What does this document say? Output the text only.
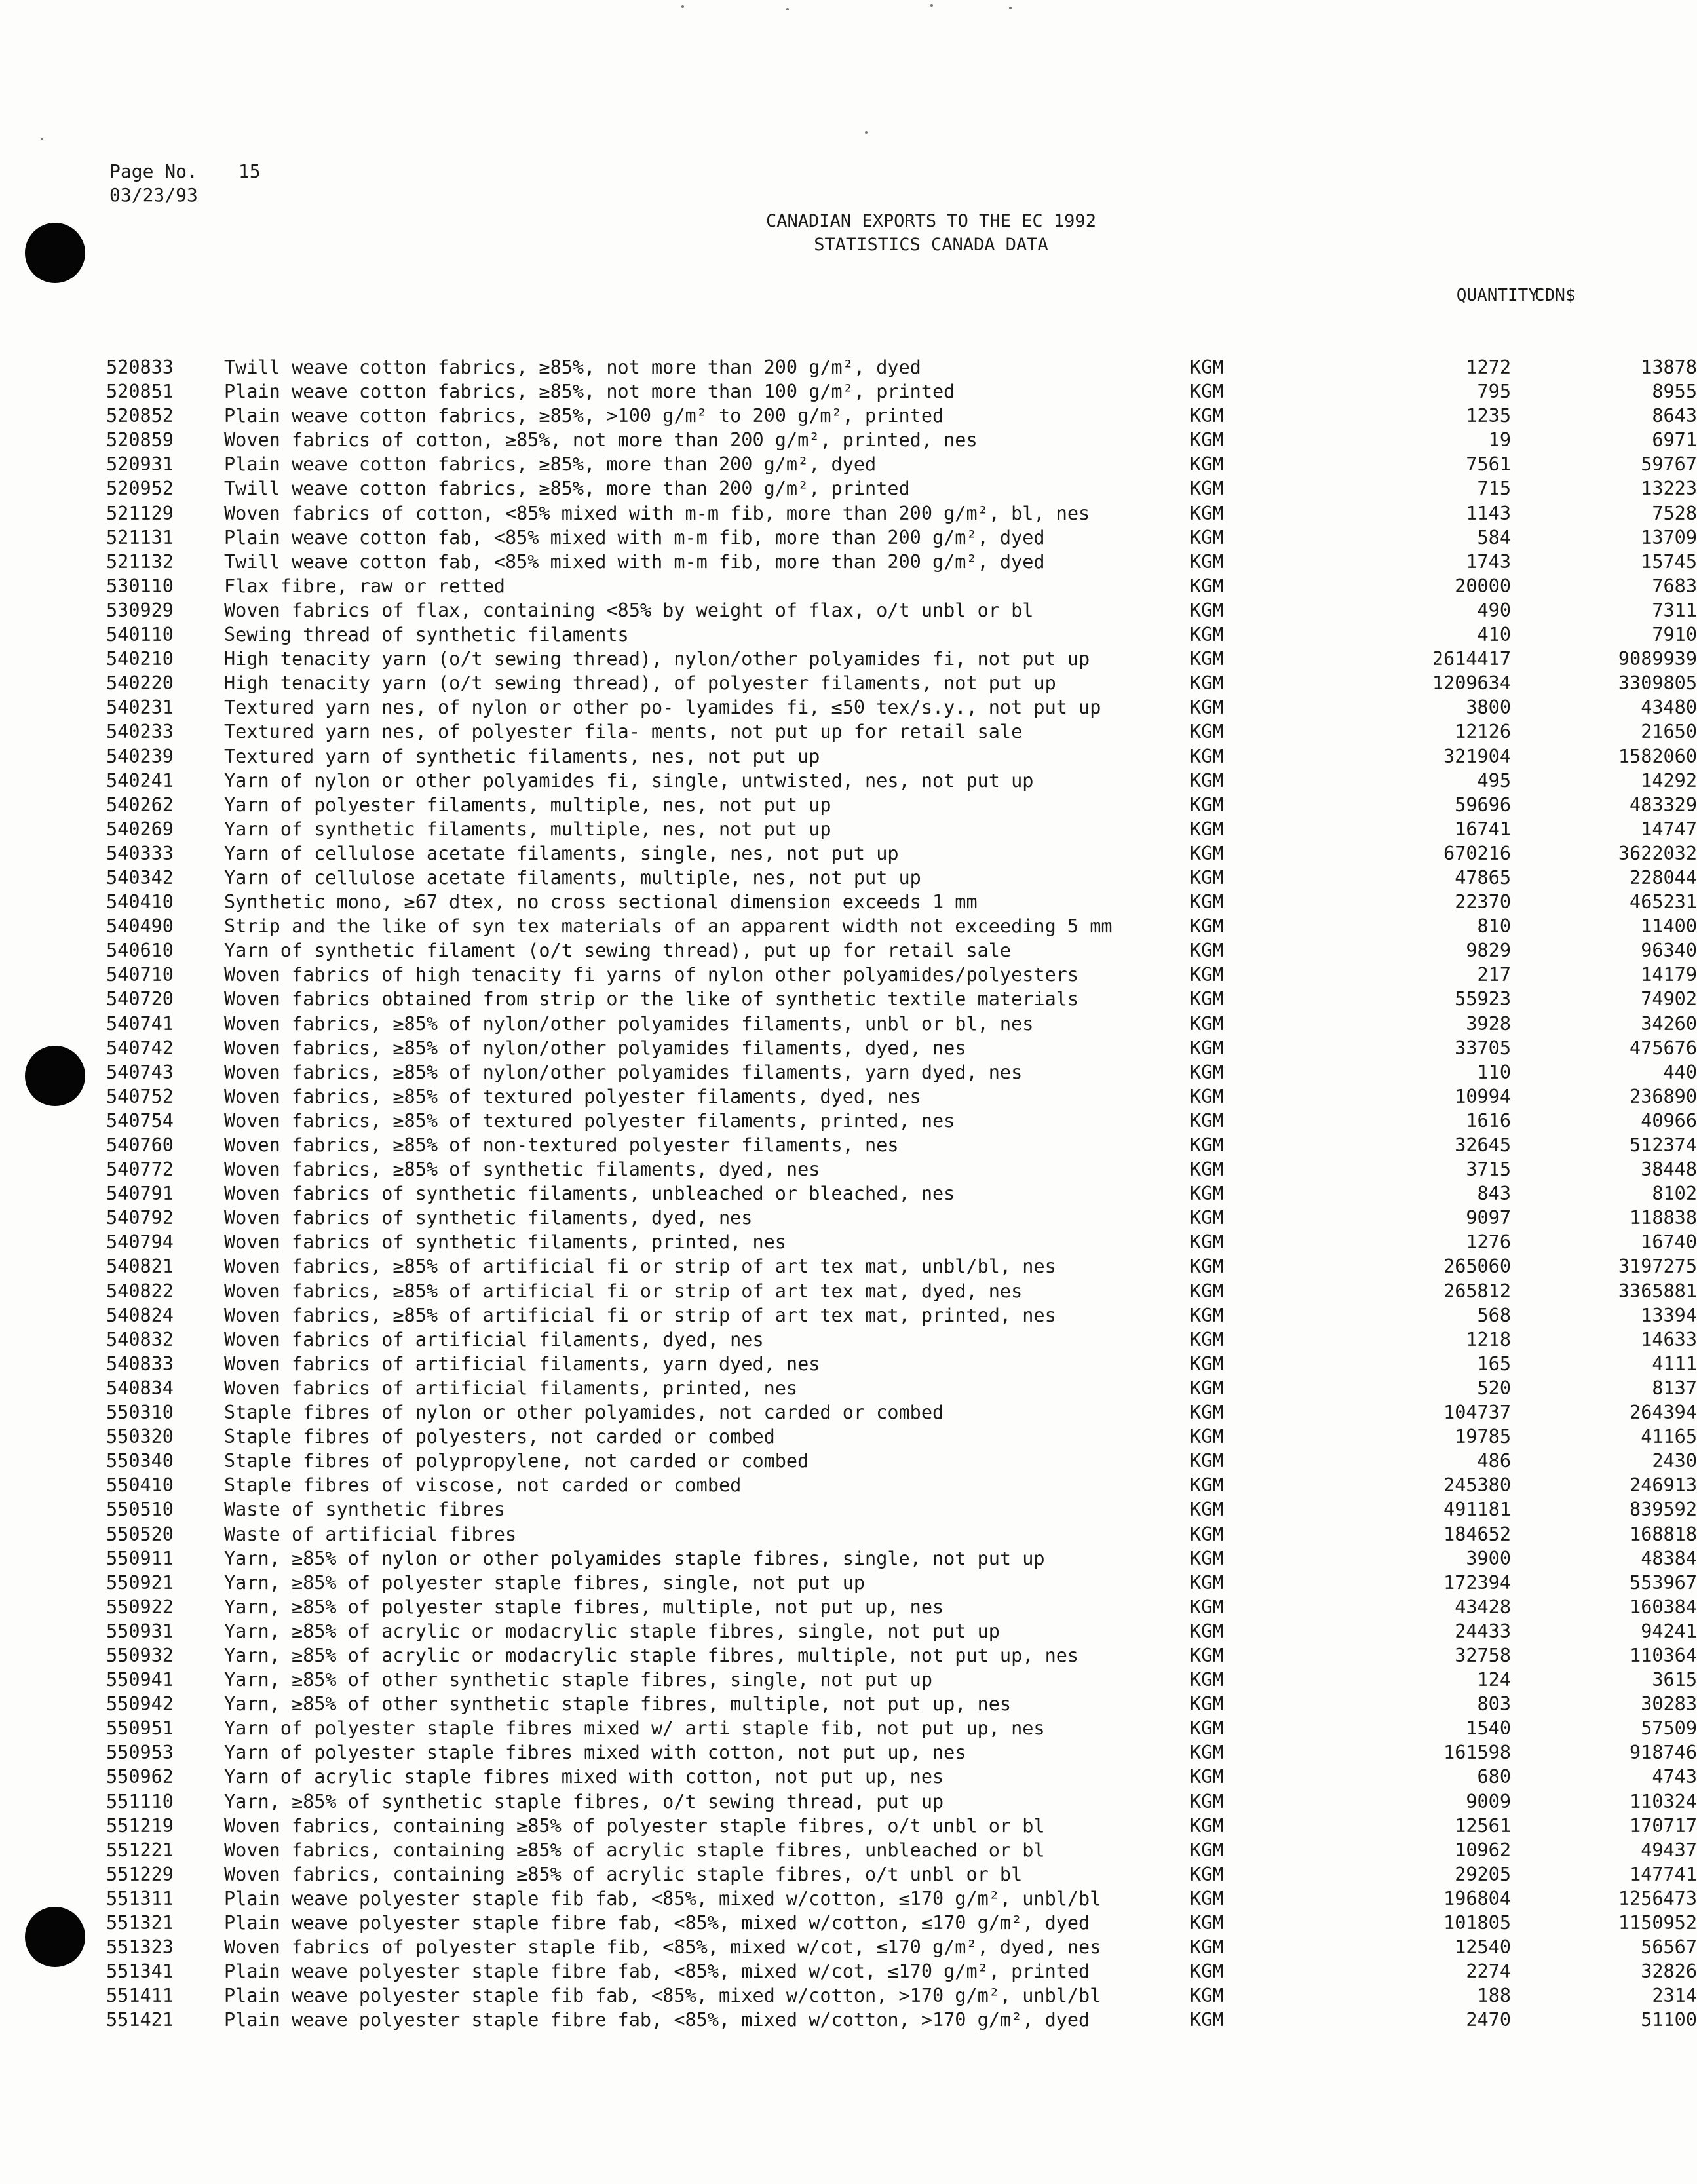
Page No. 15
03/23/93
CANADIAN EXPORTS TO THE EC 1992
STATISTICS CANADA DATA
QUANTITY
CDN$
520833	Twill weave cotton fabrics, ≥85%, not more than 200 g/m², dyed	KGM	1272	13878
520851	Plain weave cotton fabrics, ≥85%, not more than 100 g/m², printed	KGM	795	8955
520852	Plain weave cotton fabrics, ≥85%, >100 g/m² to 200 g/m², printed	KGM	1235	8643
520859	Woven fabrics of cotton, ≥85%, not more than 200 g/m², printed, nes	KGM	19	6971
520931	Plain weave cotton fabrics, ≥85%, more than 200 g/m², dyed	KGM	7561	59767
520952	Twill weave cotton fabrics, ≥85%, more than 200 g/m², printed	KGM	715	13223
521129	Woven fabrics of cotton, <85% mixed with m-m fib, more than 200 g/m², bl, nes	KGM	1143	7528
521131	Plain weave cotton fab, <85% mixed with m-m fib, more than 200 g/m², dyed	KGM	584	13709
521132	Twill weave cotton fab, <85% mixed with m-m fib, more than 200 g/m², dyed	KGM	1743	15745
530110	Flax fibre, raw or retted	KGM	20000	7683
530929	Woven fabrics of flax, containing <85% by weight of flax, o/t unbl or bl	KGM	490	7311
540110	Sewing thread of synthetic filaments	KGM	410	7910
540210	High tenacity yarn (o/t sewing thread), nylon/other polyamides fi, not put up	KGM	2614417	9089939
540220	High tenacity yarn (o/t sewing thread), of polyester filaments, not put up	KGM	1209634	3309805
540231	Textured yarn nes, of nylon or other po- lyamides fi, ≤50 tex/s.y., not put up	KGM	3800	43480
540233	Textured yarn nes, of polyester fila- ments, not put up for retail sale	KGM	12126	21650
540239	Textured yarn of synthetic filaments, nes, not put up	KGM	321904	1582060
540241	Yarn of nylon or other polyamides fi, single, untwisted, nes, not put up	KGM	495	14292
540262	Yarn of polyester filaments, multiple, nes, not put up	KGM	59696	483329
540269	Yarn of synthetic filaments, multiple, nes, not put up	KGM	16741	14747
540333	Yarn of cellulose acetate filaments, single, nes, not put up	KGM	670216	3622032
540342	Yarn of cellulose acetate filaments, multiple, nes, not put up	KGM	47865	228044
540410	Synthetic mono, ≥67 dtex, no cross sectional dimension exceeds 1 mm	KGM	22370	465231
540490	Strip and the like of syn tex materials of an apparent width not exceeding 5 mm	KGM	810	11400
540610	Yarn of synthetic filament (o/t sewing thread), put up for retail sale	KGM	9829	96340
540710	Woven fabrics of high tenacity fi yarns of nylon other polyamides/polyesters	KGM	217	14179
540720	Woven fabrics obtained from strip or the like of synthetic textile materials	KGM	55923	74902
540741	Woven fabrics, ≥85% of nylon/other polyamides filaments, unbl or bl, nes	KGM	3928	34260
540742	Woven fabrics, ≥85% of nylon/other polyamides filaments, dyed, nes	KGM	33705	475676
540743	Woven fabrics, ≥85% of nylon/other polyamides filaments, yarn dyed, nes	KGM	110	440
540752	Woven fabrics, ≥85% of textured polyester filaments, dyed, nes	KGM	10994	236890
540754	Woven fabrics, ≥85% of textured polyester filaments, printed, nes	KGM	1616	40966
540760	Woven fabrics, ≥85% of non-textured polyester filaments, nes	KGM	32645	512374
540772	Woven fabrics, ≥85% of synthetic filaments, dyed, nes	KGM	3715	38448
540791	Woven fabrics of synthetic filaments, unbleached or bleached, nes	KGM	843	8102
540792	Woven fabrics of synthetic filaments, dyed, nes	KGM	9097	118838
540794	Woven fabrics of synthetic filaments, printed, nes	KGM	1276	16740
540821	Woven fabrics, ≥85% of artificial fi or strip of art tex mat, unbl/bl, nes	KGM	265060	3197275
540822	Woven fabrics, ≥85% of artificial fi or strip of art tex mat, dyed, nes	KGM	265812	3365881
540824	Woven fabrics, ≥85% of artificial fi or strip of art tex mat, printed, nes	KGM	568	13394
540832	Woven fabrics of artificial filaments, dyed, nes	KGM	1218	14633
540833	Woven fabrics of artificial filaments, yarn dyed, nes	KGM	165	4111
540834	Woven fabrics of artificial filaments, printed, nes	KGM	520	8137
550310	Staple fibres of nylon or other polyamides, not carded or combed	KGM	104737	264394
550320	Staple fibres of polyesters, not carded or combed	KGM	19785	41165
550340	Staple fibres of polypropylene, not carded or combed	KGM	486	2430
550410	Staple fibres of viscose, not carded or combed	KGM	245380	246913
550510	Waste of synthetic fibres	KGM	491181	839592
550520	Waste of artificial fibres	KGM	184652	168818
550911	Yarn, ≥85% of nylon or other polyamides staple fibres, single, not put up	KGM	3900	48384
550921	Yarn, ≥85% of polyester staple fibres, single, not put up	KGM	172394	553967
550922	Yarn, ≥85% of polyester staple fibres, multiple, not put up, nes	KGM	43428	160384
550931	Yarn, ≥85% of acrylic or modacrylic staple fibres, single, not put up	KGM	24433	94241
550932	Yarn, ≥85% of acrylic or modacrylic staple fibres, multiple, not put up, nes	KGM	32758	110364
550941	Yarn, ≥85% of other synthetic staple fibres, single, not put up	KGM	124	3615
550942	Yarn, ≥85% of other synthetic staple fibres, multiple, not put up, nes	KGM	803	30283
550951	Yarn of polyester staple fibres mixed w/ arti staple fib, not put up, nes	KGM	1540	57509
550953	Yarn of polyester staple fibres mixed with cotton, not put up, nes	KGM	161598	918746
550962	Yarn of acrylic staple fibres mixed with cotton, not put up, nes	KGM	680	4743
551110	Yarn, ≥85% of synthetic staple fibres, o/t sewing thread, put up	KGM	9009	110324
551219	Woven fabrics, containing ≥85% of polyester staple fibres, o/t unbl or bl	KGM	12561	170717
551221	Woven fabrics, containing ≥85% of acrylic staple fibres, unbleached or bl	KGM	10962	49437
551229	Woven fabrics, containing ≥85% of acrylic staple fibres, o/t unbl or bl	KGM	29205	147741
551311	Plain weave polyester staple fib fab, <85%, mixed w/cotton, ≤170 g/m², unbl/bl	KGM	196804	1256473
551321	Plain weave polyester staple fibre fab, <85%, mixed w/cotton, ≤170 g/m², dyed	KGM	101805	1150952
551323	Woven fabrics of polyester staple fib, <85%, mixed w/cot, ≤170 g/m², dyed, nes	KGM	12540	56567
551341	Plain weave polyester staple fibre fab, <85%, mixed w/cot, ≤170 g/m², printed	KGM	2274	32826
551411	Plain weave polyester staple fib fab, <85%, mixed w/cotton, >170 g/m², unbl/bl	KGM	188	2314
551421	Plain weave polyester staple fibre fab, <85%, mixed w/cotton, >170 g/m², dyed	KGM	2470	51100
